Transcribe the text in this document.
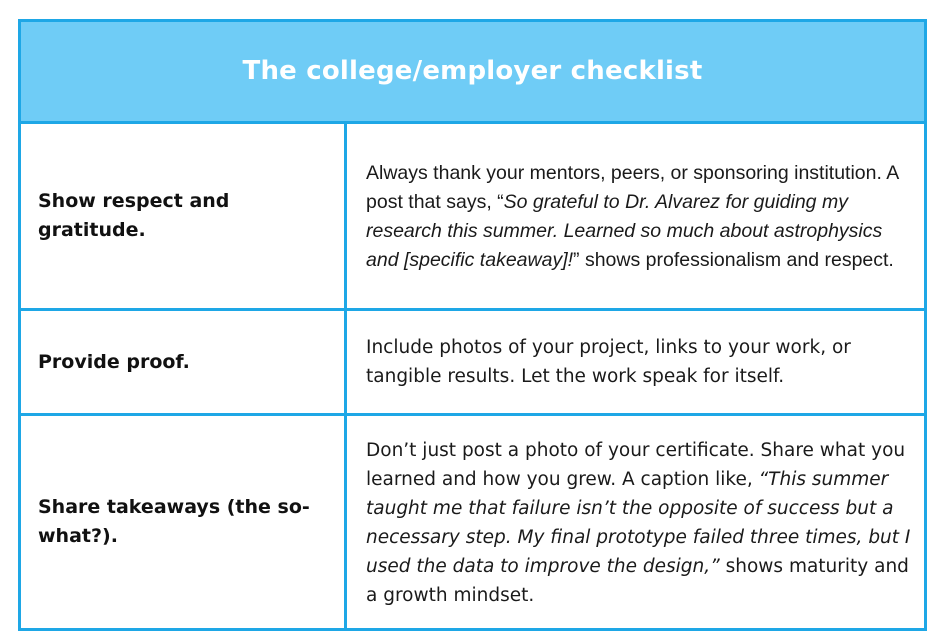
The college/employer checklist
Show respect and gratitude.

Always thank your mentors, peers, or sponsoring institution. A post that says, “So grateful to Dr. Alvarez for guiding my research this summer. Learned so much about astrophysics and [specific takeaway]!” shows professionalism and respect.

Provide proof.

Include photos of your project, links to your work, or tangible results. Let the work speak for itself.

Share takeaways (the so-what?).

Don’t just post a photo of your certificate. Share what you learned and how you grew. A caption like, “This summer taught me that failure isn’t the opposite of success but a necessary step. My final prototype failed three times, but I used the data to improve the design,” shows maturity and a growth mindset.
